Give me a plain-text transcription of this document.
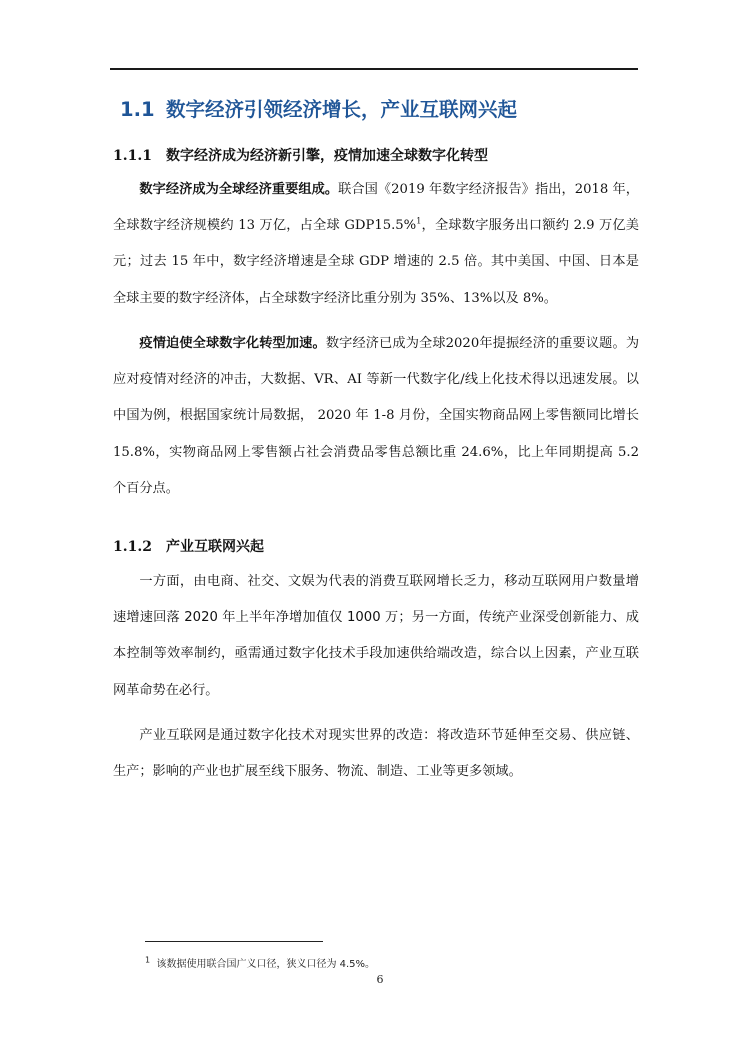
1.1 数字经济引领经济增长，产业互联网兴起
1.1.1 数字经济成为经济新引擎，疫情加速全球数字化转型

数字经济成为全球经济重要组成。联合国《2019 年数字经济报告》指出，2018 年，全球数字经济规模约 13 万亿，占全球 GDP15.5%$^1$，全球数字服务出口额约 2.9 万亿美元；过去 15 年中，数字经济增速是全球 GDP 增速的 2.5 倍。其中美国、中国、日本是全球主要的数字经济体，占全球数字经济比重分别为 35%、13%以及 8%。

疫情迫使全球数字化转型加速。数字经济已成为全球2020年提振经济的重要议题。为应对疫情对经济的冲击，大数据、VR、AI 等新一代数字化/线上化技术得以迅速发展。以中国为例，根据国家统计局数据， 2020 年 1-8 月份，全国实物商品网上零售额同比增长 15.8%，实物商品网上零售额占社会消费品零售总额比重 24.6%，比上年同期提高 5.2 个百分点。

1.1.2 产业互联网兴起

一方面，由电商、社交、文娱为代表的消费互联网增长乏力，移动互联网用户数量增速增速回落 2020 年上半年净增加值仅 1000 万；另一方面，传统产业深受创新能力、成本控制等效率制约，亟需通过数字化技术手段加速供给端改造，综合以上因素，产业互联网革命势在必行。

产业互联网是通过数字化技术对现实世界的改造：将改造环节延伸至交易、供应链、生产；影响的产业也扩展至线下服务、物流、制造、工业等更多领域。

$^1$ 该数据使用联合国广义口径，狭义口径为 4.5%。
6
